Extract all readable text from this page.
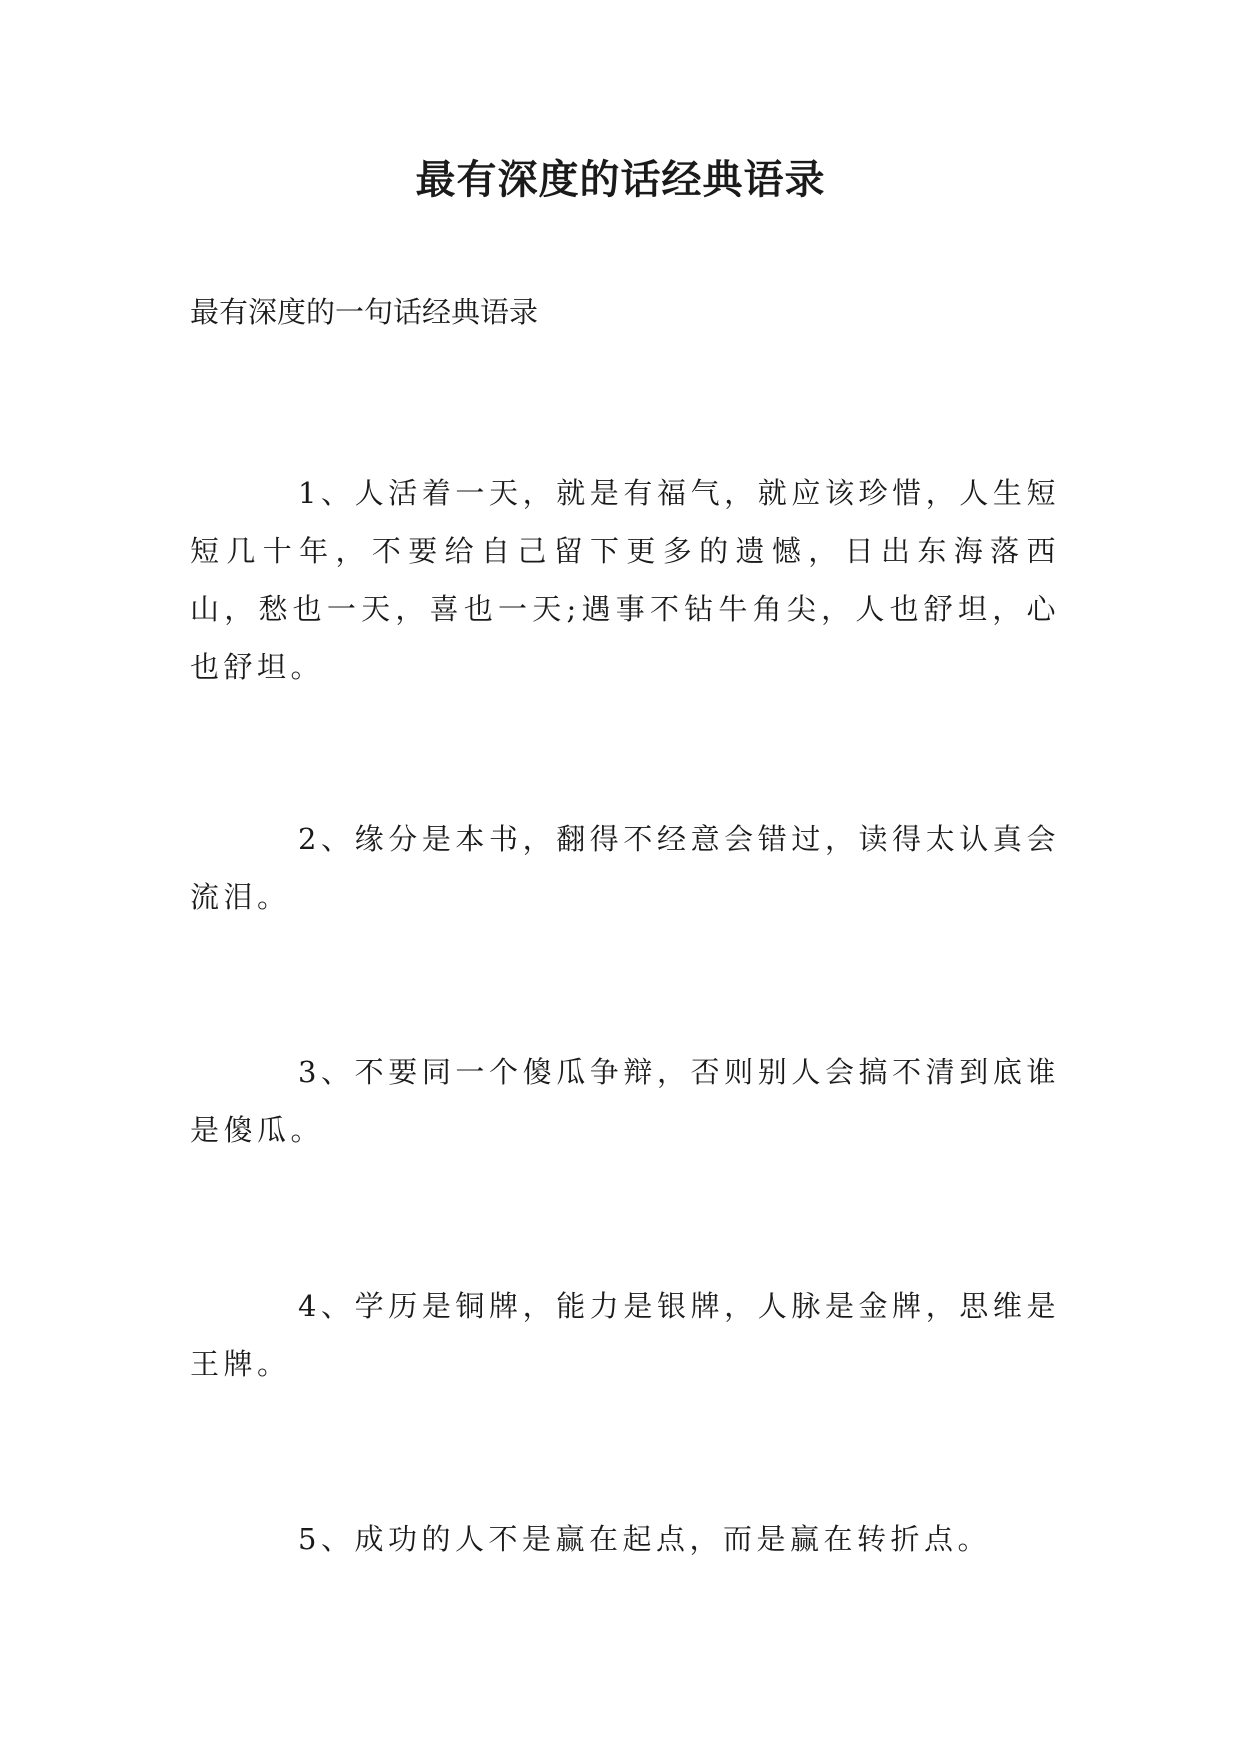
最有深度的话经典语录

最有深度的一句话经典语录

1、人活着一天，就是有福气，就应该珍惜，人生短短几十年，不要给自己留下更多的遗憾，日出东海落西山，愁也一天，喜也一天;遇事不钻牛角尖，人也舒坦，心也舒坦。

2、缘分是本书，翻得不经意会错过，读得太认真会流泪。

3、不要同一个傻瓜争辩，否则别人会搞不清到底谁是傻瓜。

4、学历是铜牌，能力是银牌，人脉是金牌，思维是王牌。

5、成功的人不是赢在起点，而是赢在转折点。
